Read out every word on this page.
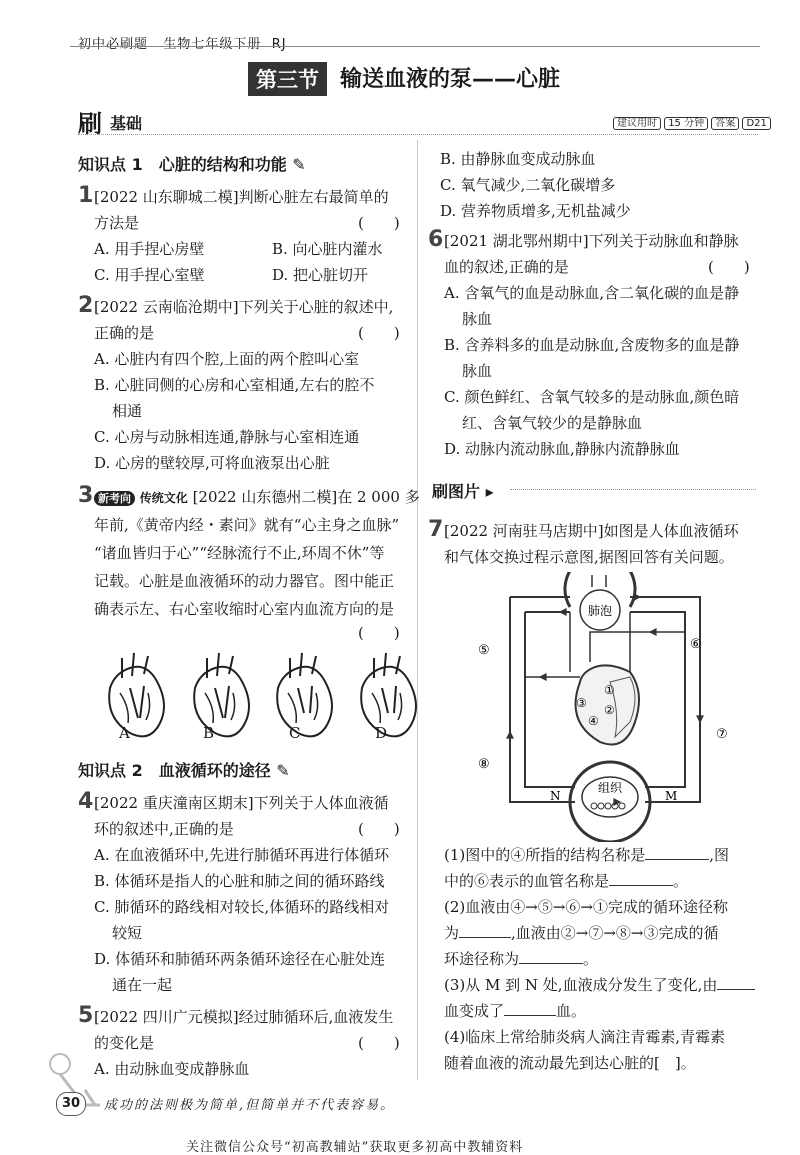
初中必刷题 生物七年级下册 RJ
第三节 输送血液的泵——心脏
刷 基础	建议用时 15 分钟 答案 D21
知识点 1　心脏的结构和功能 ✎
1 [2022 山东聊城二模]判断心脏左右最简单的
方法是	(　　)
A. 用手捏心房壁	B. 向心脏内灌水
C. 用手捏心室壁	D. 把心脏切开
2 [2022 云南临沧期中]下列关于心脏的叙述中,
正确的是	(　　)
A. 心脏内有四个腔,上面的两个腔叫心室
B. 心脏同侧的心房和心室相通,左右的腔不
相通
C. 心房与动脉相连通,静脉与心室相连通
D. 心房的壁较厚,可将血液泵出心脏
3 新考向 传统文化 [2022 山东德州二模]在 2 000 多
年前,《黄帝内经・素问》就有“心主身之血脉”
“诸血皆归于心”“经脉流行不止,环周不休”等
记载。心脏是血液循环的动力器官。图中能正
确表示左、右心室收缩时心室内血流方向的是
(　　)
A	B	C	D
知识点 2　血液循环的途径 ✎
4 [2022 重庆潼南区期末]下列关于人体血液循
环的叙述中,正确的是	(　　)
A. 在血液循环中,先进行肺循环再进行体循环
B. 体循环是指人的心脏和肺之间的循环路线
C. 肺循环的路线相对较长,体循环的路线相对
较短
D. 体循环和肺循环两条循环途径在心脏处连
通在一起
5 [2022 四川广元模拟]经过肺循环后,血液发生
的变化是	(　　)
A. 由动脉血变成静脉血
B. 由静脉血变成动脉血
C. 氧气减少,二氧化碳增多
D. 营养物质增多,无机盐减少
6 [2021 湖北鄂州期中]下列关于动脉血和静脉
血的叙述,正确的是	(　　)
A. 含氧气的血是动脉血,含二氧化碳的血是静
脉血
B. 含养料多的血是动脉血,含废物多的血是静
脉血
C. 颜色鲜红、含氧气较多的是动脉血,颜色暗
红、含氧气较少的是静脉血
D. 动脉内流动脉血,静脉内流静脉血
刷图片 ▸
7 [2022 河南驻马店期中]如图是人体血液循环
和气体交换过程示意图,据图回答有关问题。
肺泡
组织
N	M
①
②
③
④
⑤	⑥
⑦
⑧
(1)图中的④所指的结构名称是	,图
中的⑥表示的血管名称是	。
(2)血液由④→⑤→⑥→①完成的循环途径称
为	,血液由②→⑦→⑧→③完成的循
环途径称为	。
(3)从 M 到 N 处,血液成分发生了变化,由
血变成了	血。
(4)临床上常给肺炎病人滴注青霉素,青霉素
随着血液的流动最先到达心脏的[　]。
30	成功的法则极为简单,但简单并不代表容易。
关注微信公众号“初高教辅站”获取更多初高中教辅资料
